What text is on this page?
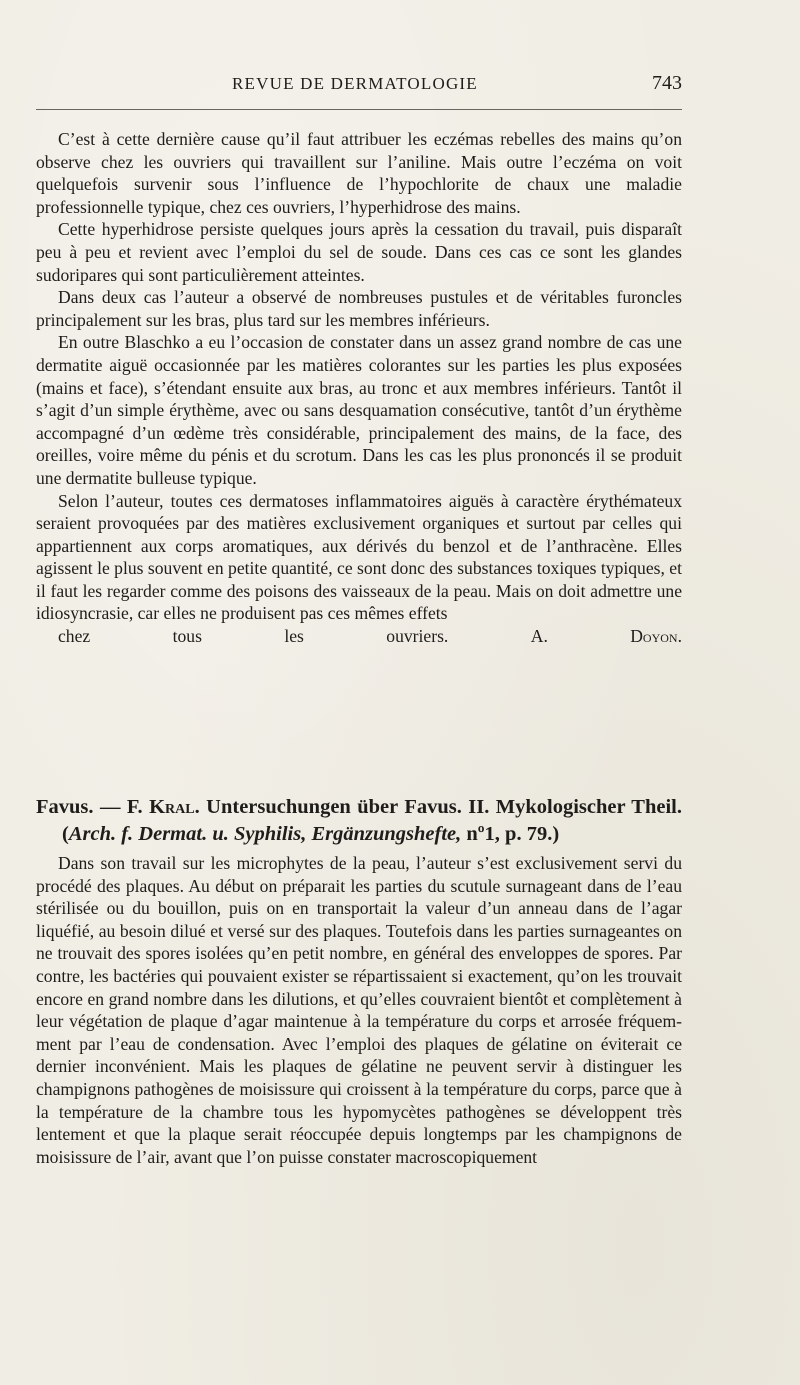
REVUE DE DERMATOLOGIE	743

C’est à cette dernière cause qu’il faut attribuer les eczémas rebelles des mains qu’on observe chez les ouvriers qui travaillent sur l’aniline. Mais outre l’eczéma on voit quelquefois survenir sous l’influence de l’hypochlorite de chaux une maladie professionnelle typique, chez ces ouvriers, l’hyperhidrose des mains.

Cette hyperhidrose persiste quelques jours après la cessation du travail, puis disparaît peu à peu et revient avec l’emploi du sel de soude. Dans ces cas ce sont les glandes sudoripares qui sont particulièrement atteintes.

Dans deux cas l’auteur a observé de nombreuses pustules et de véritables furoncles principalement sur les bras, plus tard sur les membres inférieurs.

En outre Blaschko a eu l’occasion de constater dans un assez grand nombre de cas une dermatite aiguë occasionnée par les matières colorantes sur les parties les plus exposées (mains et face), s’étendant ensuite aux bras, au tronc et aux membres inférieurs. Tantôt il s’agit d’un simple érythème, avec ou sans desquamation consécutive, tantôt d’un érythème accompagné d’un œdème très considérable, principalement des mains, de la face, des oreilles, voire même du pénis et du scrotum. Dans les cas les plus prononcés il se produit une dermatite bulleuse typique.

Selon l’auteur, toutes ces dermatoses inflammatoires aiguës à caractère érythémateux seraient provoquées par des matières exclusivement organiques et surtout par celles qui appartiennent aux corps aromatiques, aux dérivés du benzol et de l’anthracène. Elles agissent le plus souvent en petite quantité, ce sont donc des substances toxiques typiques, et il faut les regarder comme des poisons des vaisseaux de la peau. Mais on doit admettre une idiosyncrasie, car elles ne produisent pas ces mêmes effets

chez tous les ouvriers.	A. Doyon.

Favus. — F. Kral. Untersuchungen über Favus. II. Mykologischer Theil. (Arch. f. Dermat. u. Syphilis, Ergänzungshefte, nº1, p. 79.)

Dans son travail sur les microphytes de la peau, l’auteur s’est exclusivement servi du procédé des plaques. Au début on préparait les parties du scutule surnageant dans de l’eau stérilisée ou du bouillon, puis on en transportait la valeur d’un anneau dans de l’agar liquéfié, au besoin dilué et versé sur des plaques. Toutefois dans les parties surnageantes on ne trouvait des spores isolées qu’en petit nombre, en général des enveloppes de spores. Par contre, les bactéries qui pouvaient exister se répartissaient si exactement, qu’on les trouvait encore en grand nombre dans les dilutions, et qu’elles couvraient bientôt et complètement à leur végétation de plaque d’agar maintenue à la température du corps et arrosée fréquemment par l’eau de condensation. Avec l’emploi des plaques de gélatine on éviterait ce dernier inconvénient. Mais les plaques de gélatine ne peuvent servir à distinguer les champignons pathogènes de moisissure qui croissent à la température du corps, parce que à la température de la chambre tous les hypomycètes pathogènes se développent très lentement et que la plaque serait réoccupée depuis longtemps par les champignons de moisissure de l’air, avant que l’on puisse constater macroscopiquement
